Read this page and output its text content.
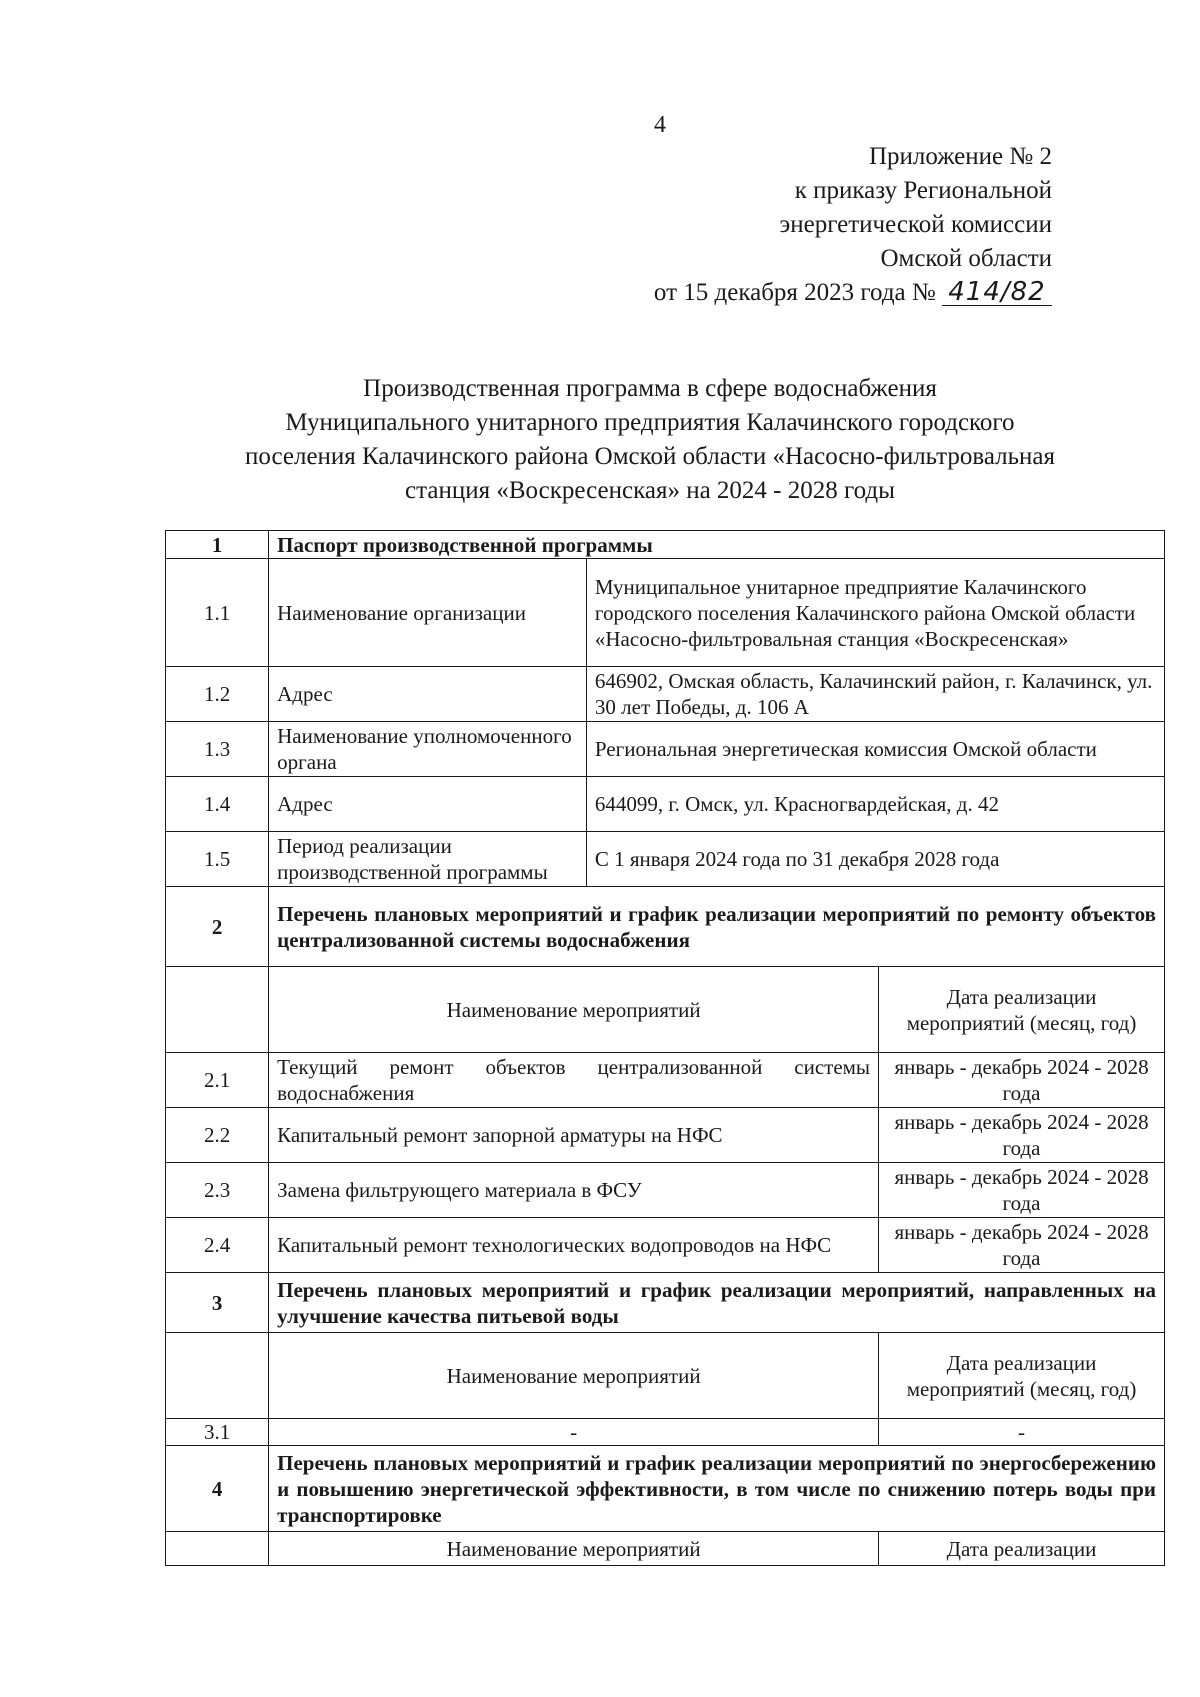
4
Приложение № 2
к приказу Региональной
энергетической комиссии
Омской области
от 15 декабря 2023 года № 414/82
Производственная программа в сфере водоснабжения
Муниципального унитарного предприятия Калачинского городского
поселения Калачинского района Омской области «Насосно-фильтровальная
станция «Воскресенская» на 2024 - 2028 годы
1	Паспорт производственной программы		
1.1	Наименование организации	Муниципальное унитарное предприятие Калачинского городского поселения Калачинского района Омской области «Насосно-фильтровальная станция «Воскресенская»	
1.2	Адрес	646902, Омская область, Калачинский район, г. Калачинск, ул. 30 лет Победы, д. 106 А	
1.3	Наименование уполномоченного органа	Региональная энергетическая комиссия Омской области	
1.4	Адрес	644099, г. Омск, ул. Красногвардейская, д. 42	
1.5	Период реализации производственной программы	С 1 января 2024 года по 31 декабря 2028 года	
2	Перечень плановых мероприятий и график реализации мероприятий по ремонту объектов централизованной системы водоснабжения		
	Наименование мероприятий		Дата реализации мероприятий (месяц, год)
2.1	Текущий ремонт объектов централизованной системы водоснабжения		январь - декабрь 2024 - 2028 года
2.2	Капитальный ремонт запорной арматуры на НФС		январь - декабрь 2024 - 2028 года
2.3	Замена фильтрующего материала в ФСУ		январь - декабрь 2024 - 2028 года
2.4	Капитальный ремонт технологических водопроводов на НФС		январь - декабрь 2024 - 2028 года
3	Перечень плановых мероприятий и график реализации мероприятий, направленных на улучшение качества питьевой воды		
	Наименование мероприятий		Дата реализации мероприятий (месяц, год)
3.1	-		-
4	Перечень плановых мероприятий и график реализации мероприятий по энергосбережению и повышению энергетической эффективности, в том числе по снижению потерь воды при транспортировке		
	Наименование мероприятий		Дата реализации
